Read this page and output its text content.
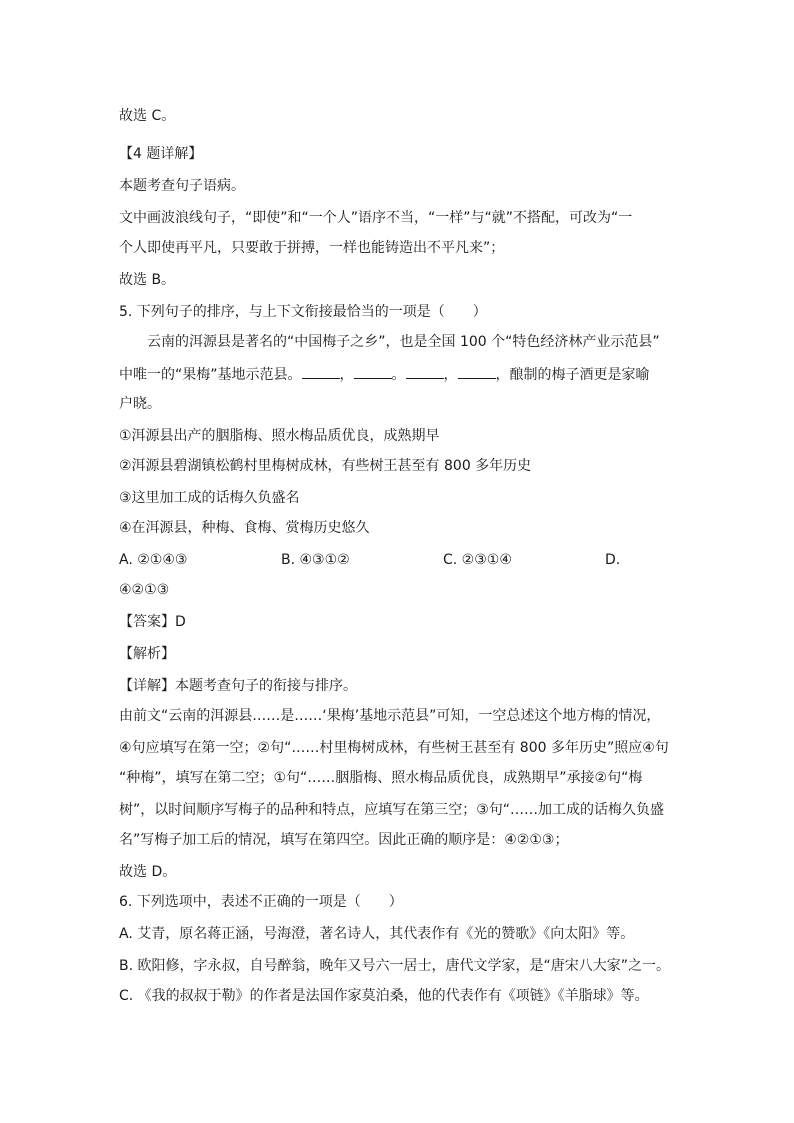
故选 C。
【4 题详解】
本题考查句子语病。
文中画波浪线句子，“即使”和“一个人”语序不当，“一样”与“就”不搭配，可改为“一
个人即使再平凡，只要敢于拼搏，一样也能铸造出不平凡来”；
故选 B。
5. 下列句子的排序，与上下文衔接最恰当的一项是（　　）
云南的洱源县是著名的“中国梅子之乡”，也是全国 100 个“特色经济林产业示范县”
中唯一的“果梅”基地示范县。	，	。	，	，酿制的梅子酒更是家喻
户晓。
①洱源县出产的胭脂梅、照水梅品质优良，成熟期早
②洱源县碧湖镇松鹤村里梅树成林，有些树王甚至有 800 多年历史
③这里加工成的话梅久负盛名
④在洱源县，种梅、食梅、赏梅历史悠久
A. ②①④③	B. ④③①②	C. ②③①④	D.
④②①③
【答案】D
【解析】
【详解】本题考查句子的衔接与排序。
由前文“云南的洱源县……是……‘果梅’基地示范县”可知，一空总述这个地方梅的情况，
④句应填写在第一空；②句“……村里梅树成林，有些树王甚至有 800 多年历史”照应④句
“种梅”，填写在第二空；①句“……胭脂梅、照水梅品质优良，成熟期早”承接②句“梅
树”，以时间顺序写梅子的品种和特点，应填写在第三空；③句“……加工成的话梅久负盛
名”写梅子加工后的情况，填写在第四空。因此正确的顺序是：④②①③；
故选 D。
6. 下列选项中，表述不正确的一项是（　　）
A. 艾青，原名蒋正涵，号海澄，著名诗人，其代表作有《光的赞歌》《向太阳》等。
B. 欧阳修，字永叔，自号醉翁，晚年又号六一居士，唐代文学家，是“唐宋八大家”之一。
C. 《我的叔叔于勒》的作者是法国作家莫泊桑，他的代表作有《项链》《羊脂球》等。
